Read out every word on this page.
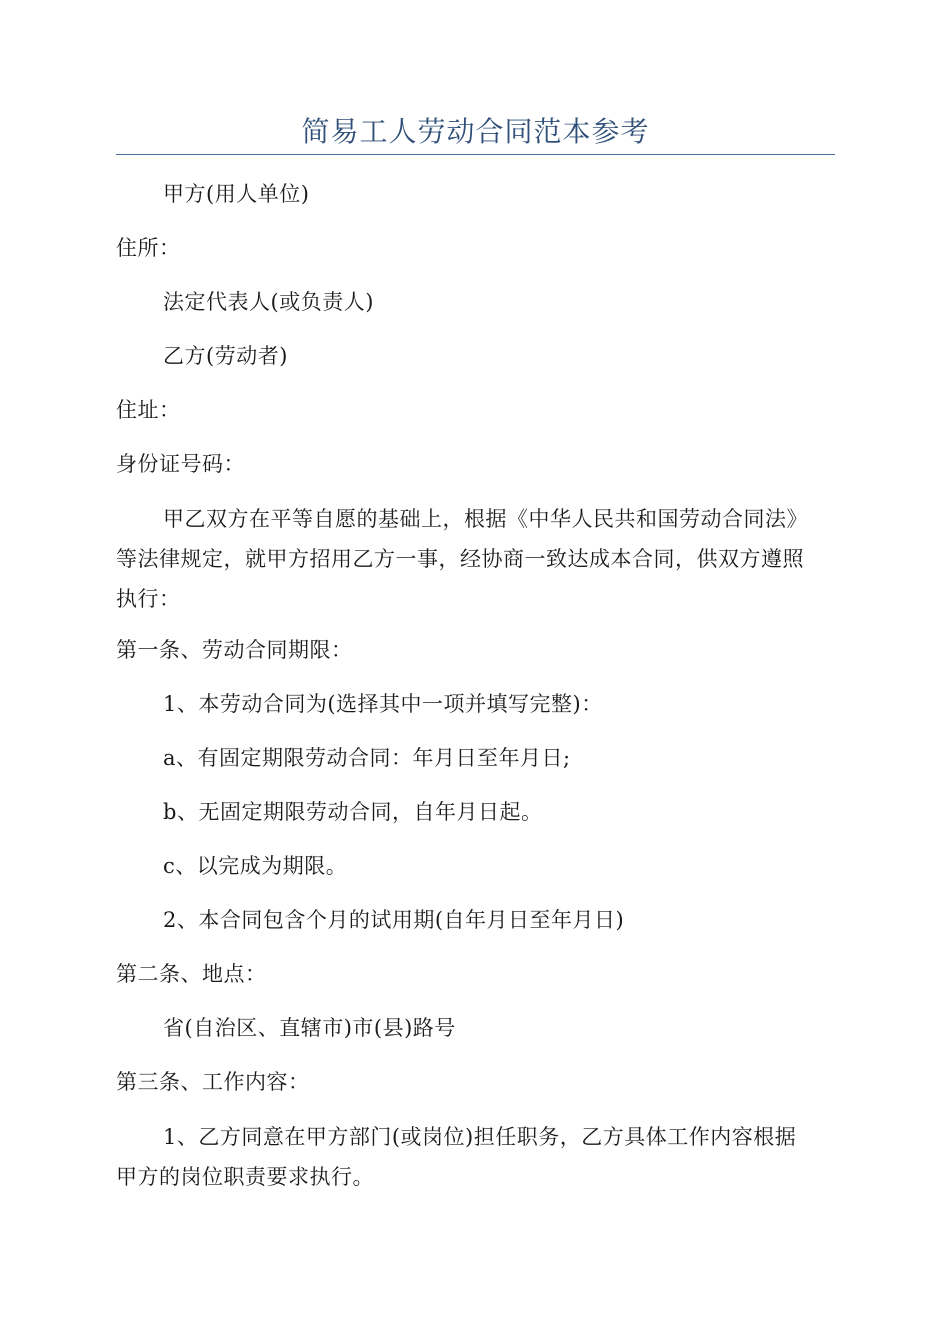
简易工人劳动合同范本参考
甲方(用人单位)
住所：
法定代表人(或负责人)
乙方(劳动者)
住址：
身份证号码：
甲乙双方在平等自愿的基础上，根据《中华人民共和国劳动合同法》
等法律规定，就甲方招用乙方一事，经协商一致达成本合同，供双方遵照
执行：
第一条、劳动合同期限：
1、本劳动合同为(选择其中一项并填写完整)：
a、有固定期限劳动合同：年月日至年月日;
b、无固定期限劳动合同，自年月日起。
c、以完成为期限。
2、本合同包含个月的试用期(自年月日至年月日)
第二条、地点：
省(自治区、直辖市)市(县)路号
第三条、工作内容：
1、乙方同意在甲方部门(或岗位)担任职务，乙方具体工作内容根据
甲方的岗位职责要求执行。
